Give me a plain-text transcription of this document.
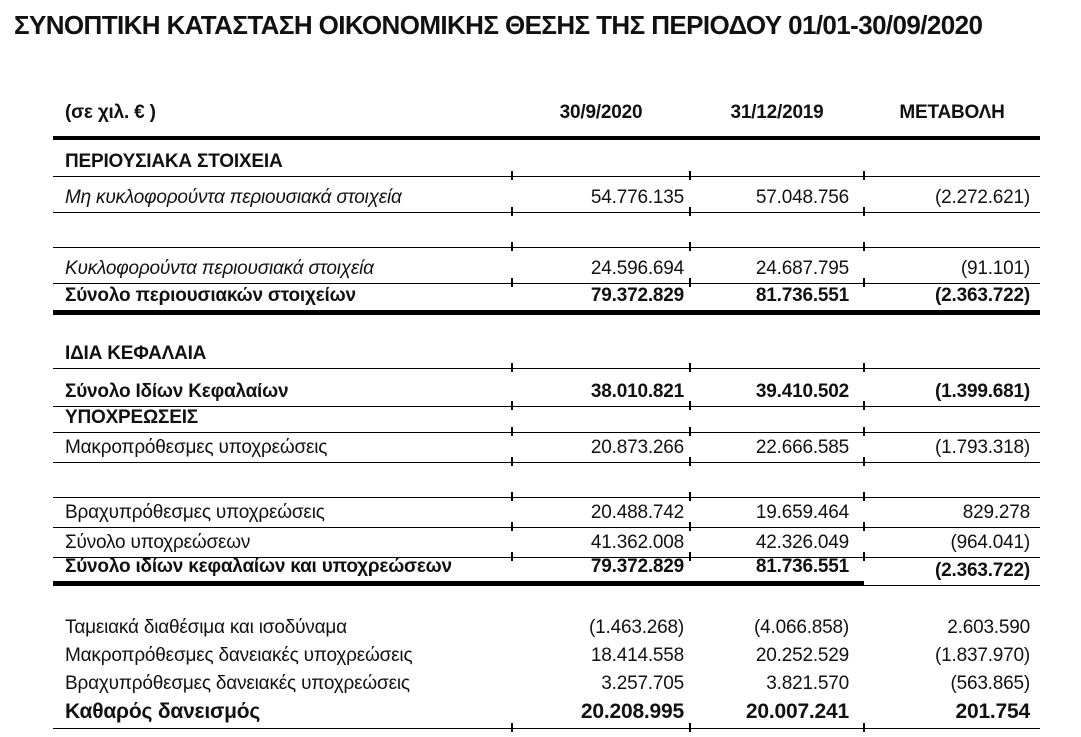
ΣΥΝΟΠΤΙΚΗ ΚΑΤΑΣΤΑΣΗ ΟΙΚΟΝΟΜΙΚΗΣ ΘΕΣΗΣ ΤΗΣ ΠΕΡΙΟΔΟΥ 01/01-30/09/2020
(σε χιλ. € )	30/9/2020	31/12/2019	ΜΕΤΑΒΟΛΗ
ΠΕΡΙΟΥΣΙΑΚΑ ΣΤΟΙΧΕΙΑ
Μη κυκλοφορούντα περιουσιακά στοιχεία	54.776.135	57.048.756	(2.272.621)
Κυκλοφορούντα περιουσιακά στοιχεία	24.596.694	24.687.795	(91.101)
Σύνολο περιουσιακών στοιχείων	79.372.829	81.736.551	(2.363.722)
ΙΔΙΑ ΚΕΦΑΛΑΙΑ
Σύνολο Ιδίων Κεφαλαίων	38.010.821	39.410.502	(1.399.681)
ΥΠΟΧΡΕΩΣΕΙΣ
Μακροπρόθεσμες υποχρεώσεις	20.873.266	22.666.585	(1.793.318)
Βραχυπρόθεσμες υποχρεώσεις	20.488.742	19.659.464	829.278
Σύνολο υποχρεώσεων	41.362.008	42.326.049	(964.041)
Σύνολο ιδίων κεφαλαίων και υποχρεώσεων	79.372.829	81.736.551	(2.363.722)
Ταμειακά διαθέσιμα και ισοδύναμα	(1.463.268)	(4.066.858)	2.603.590
Μακροπρόθεσμες δανειακές υποχρεώσεις	18.414.558	20.252.529	(1.837.970)
Βραχυπρόθεσμες δανειακές υποχρεώσεις	3.257.705	3.821.570	(563.865)
Καθαρός δανεισμός	20.208.995	20.007.241	201.754
